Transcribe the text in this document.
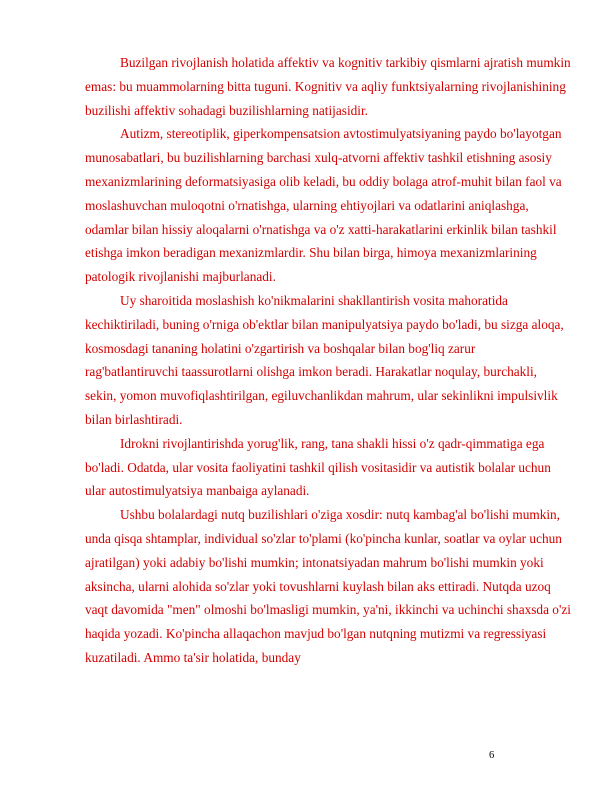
Buzilgan rivojlanish holatida affektiv va kognitiv tarkibiy qismlarni ajratish mumkin emas: bu muammolarning bitta tuguni. Kognitiv va aqliy funktsiyalarning rivojlanishining buzilishi affektiv sohadagi buzilishlarning natijasidir.

Autizm, stereotiplik, giperkompensatsion avtostimulyatsiyaning paydo bo'layotgan munosabatlari, bu buzilishlarning barchasi xulq-atvorni affektiv tashkil etishning asosiy mexanizmlarining deformatsiyasiga olib keladi, bu oddiy bolaga atrof-muhit bilan faol va moslashuvchan muloqotni o'rnatishga, ularning ehtiyojlari va odatlarini aniqlashga, odamlar bilan hissiy aloqalarni o'rnatishga va o'z xatti-harakatlarini erkinlik bilan tashkil etishga imkon beradigan mexanizmlardir. Shu bilan birga, himoya mexanizmlarining patologik rivojlanishi majburlanadi.

Uy sharoitida moslashish ko'nikmalarini shakllantirish vosita mahoratida kechiktiriladi, buning o'rniga ob'ektlar bilan manipulyatsiya paydo bo'ladi, bu sizga aloqa, kosmosdagi tananing holatini o'zgartirish va boshqalar bilan bog'liq zarur rag'batlantiruvchi taassurotlarni olishga imkon beradi. Harakatlar noqulay, burchakli, sekin, yomon muvofiqlashtirilgan, egiluvchanlikdan mahrum, ular sekinlikni impulsivlik bilan birlashtiradi.

Idrokni rivojlantirishda yorug'lik, rang, tana shakli hissi o'z qadr-qimmatiga ega bo'ladi. Odatda, ular vosita faoliyatini tashkil qilish vositasidir va autistik bolalar uchun ular autostimulyatsiya manbaiga aylanadi.

Ushbu bolalardagi nutq buzilishlari o'ziga xosdir: nutq kambag'al bo'lishi mumkin, unda qisqa shtamplar, individual so'zlar to'plami (ko'pincha kunlar, soatlar va oylar uchun ajratilgan) yoki adabiy bo'lishi mumkin; intonatsiyadan mahrum bo'lishi mumkin yoki aksincha, ularni alohida so'zlar yoki tovushlarni kuylash bilan aks ettiradi. Nutqda uzoq vaqt davomida "men" olmoshi bo'lmasligi mumkin, ya'ni, ikkinchi va uchinchi shaxsda o'zi haqida yozadi. Ko'pincha allaqachon mavjud bo'lgan nutqning mutizmi va regressiyasi kuzatiladi. Ammo ta'sir holatida, bunday

6
